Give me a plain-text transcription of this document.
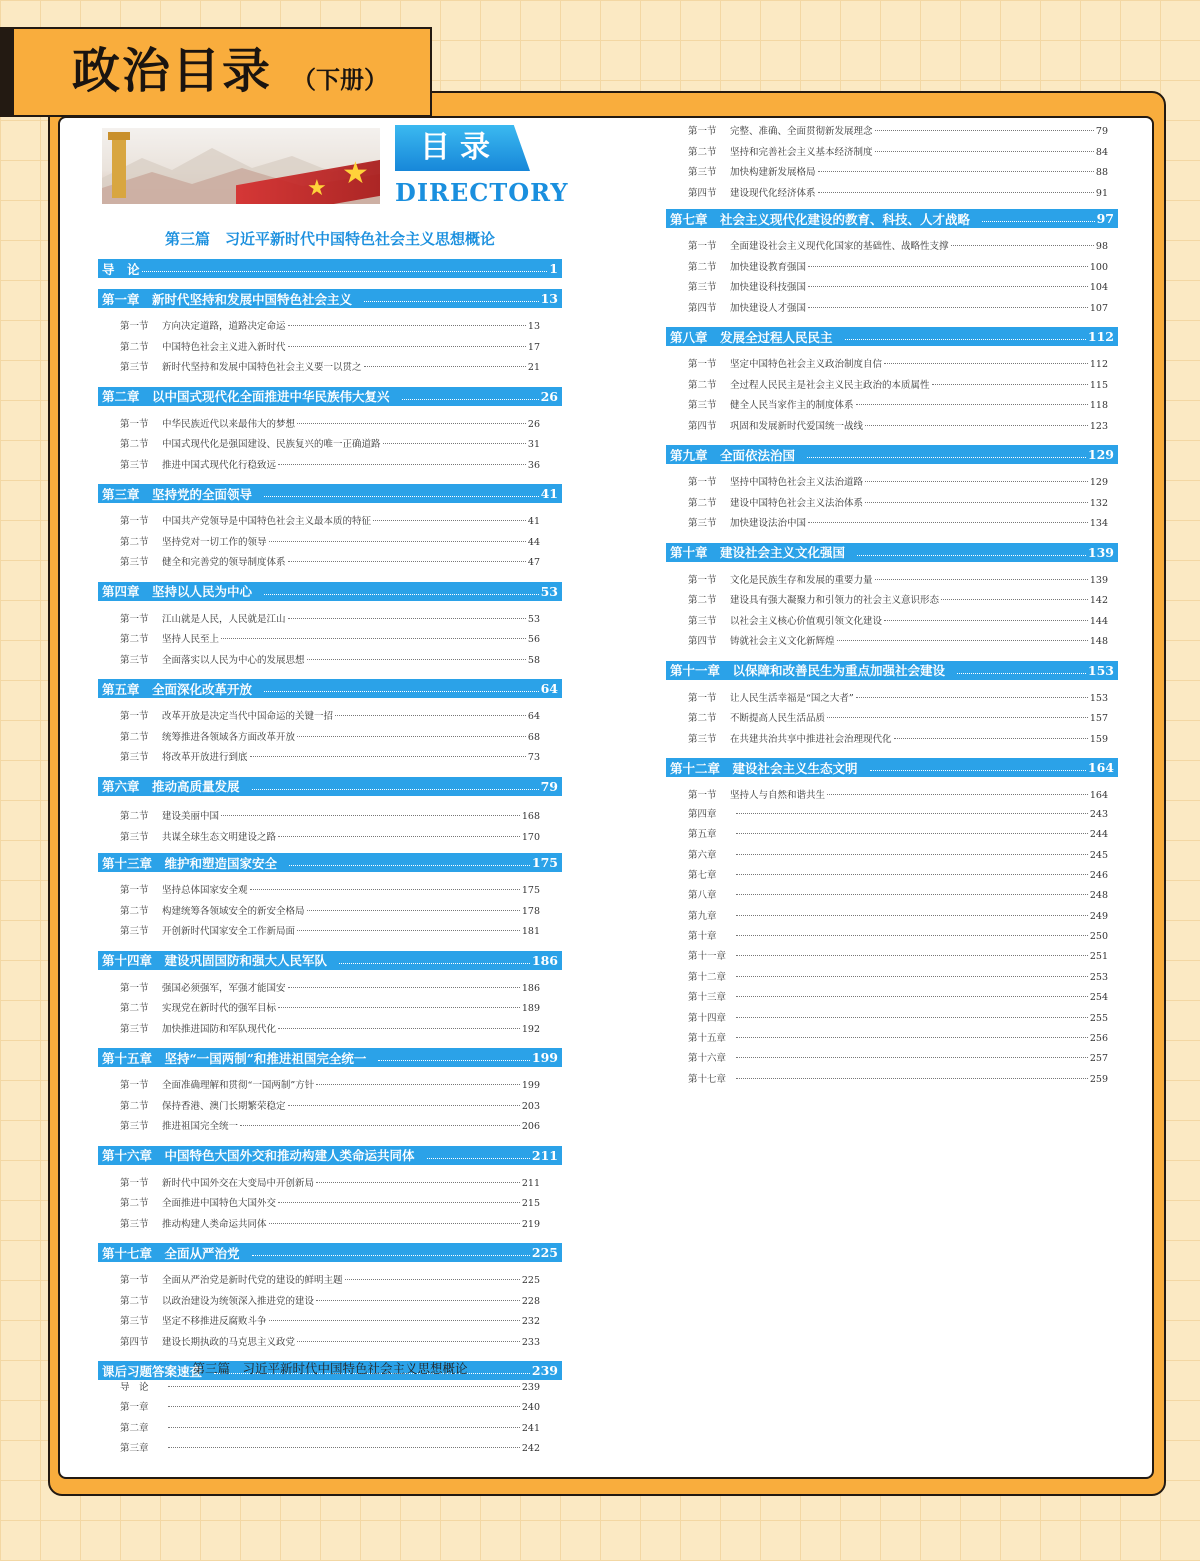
政治目录 （下册）
★
★
目录
DIRECTORY
第三篇　习近平新时代中国特色社会主义思想概论
导　论	1
第一章　新时代坚持和发展中国特色社会主义	13
第一节	方向决定道路，道路决定命运	13
第二节	中国特色社会主义进入新时代	17
第三节	新时代坚持和发展中国特色社会主义要一以贯之	21
第二章　以中国式现代化全面推进中华民族伟大复兴	26
第一节	中华民族近代以来最伟大的梦想	26
第二节	中国式现代化是强国建设、民族复兴的唯一正确道路	31
第三节	推进中国式现代化行稳致远	36
第三章　坚持党的全面领导	41
第一节	中国共产党领导是中国特色社会主义最本质的特征	41
第二节	坚持党对一切工作的领导	44
第三节	健全和完善党的领导制度体系	47
第四章　坚持以人民为中心	53
第一节	江山就是人民，人民就是江山	53
第二节	坚持人民至上	56
第三节	全面落实以人民为中心的发展思想	58
第五章　全面深化改革开放	64
第一节	改革开放是决定当代中国命运的关键一招	64
第二节	统筹推进各领域各方面改革开放	68
第三节	将改革开放进行到底	73
第六章　推动高质量发展	79
第一节	完整、准确、全面贯彻新发展理念	79
第二节	坚持和完善社会主义基本经济制度	84
第三节	加快构建新发展格局	88
第四节	建设现代化经济体系	91
第七章　社会主义现代化建设的教育、科技、人才战略	97
第一节	全面建设社会主义现代化国家的基础性、战略性支撑	98
第二节	加快建设教育强国	100
第三节	加快建设科技强国	104
第四节	加快建设人才强国	107
第八章　发展全过程人民民主	112
第一节	坚定中国特色社会主义政治制度自信	112
第二节	全过程人民民主是社会主义民主政治的本质属性	115
第三节	健全人民当家作主的制度体系	118
第四节	巩固和发展新时代爱国统一战线	123
第九章　全面依法治国	129
第一节	坚持中国特色社会主义法治道路	129
第二节	建设中国特色社会主义法治体系	132
第三节	加快建设法治中国	134
第十章　建设社会主义文化强国	139
第一节	文化是民族生存和发展的重要力量	139
第二节	建设具有强大凝聚力和引领力的社会主义意识形态	142
第三节	以社会主义核心价值观引领文化建设	144
第四节	铸就社会主义文化新辉煌	148
第十一章　以保障和改善民生为重点加强社会建设	153
第一节	让人民生活幸福是“国之大者”	153
第二节	不断提高人民生活品质	157
第三节	在共建共治共享中推进社会治理现代化	159
第十二章　建设社会主义生态文明	164
第一节	坚持人与自然和谐共生	164
第二节	建设美丽中国	168
第三节	共谋全球生态文明建设之路	170
第十三章　维护和塑造国家安全	175
第一节	坚持总体国家安全观	175
第二节	构建统筹各领域安全的新安全格局	178
第三节	开创新时代国家安全工作新局面	181
第十四章　建设巩固国防和强大人民军队	186
第一节	强国必须强军，军强才能国安	186
第二节	实现党在新时代的强军目标	189
第三节	加快推进国防和军队现代化	192
第十五章　坚持“一国两制”和推进祖国完全统一	199
第一节	全面准确理解和贯彻“一国两制”方针	199
第二节	保持香港、澳门长期繁荣稳定	203
第三节	推进祖国完全统一	206
第十六章　中国特色大国外交和推动构建人类命运共同体	211
第一节	新时代中国外交在大变局中开创新局	211
第二节	全面推进中国特色大国外交	215
第三节	推动构建人类命运共同体	219
第十七章　全面从严治党	225
第一节	全面从严治党是新时代党的建设的鲜明主题	225
第二节	以政治建设为统领深入推进党的建设	228
第三节	坚定不移推进反腐败斗争	232
第四节	建设长期执政的马克思主义政党	233
课后习题答案速查	239
导　论	239
第一章	240
第二章	241
第三章	242
第四章	243
第五章	244
第六章	245
第七章	246
第八章	248
第九章	249
第十章	250
第十一章	251
第十二章	253
第十三章	254
第十四章	255
第十五章	256
第十六章	257
第十七章	259
第三篇　习近平新时代中国特色社会主义思想概论
